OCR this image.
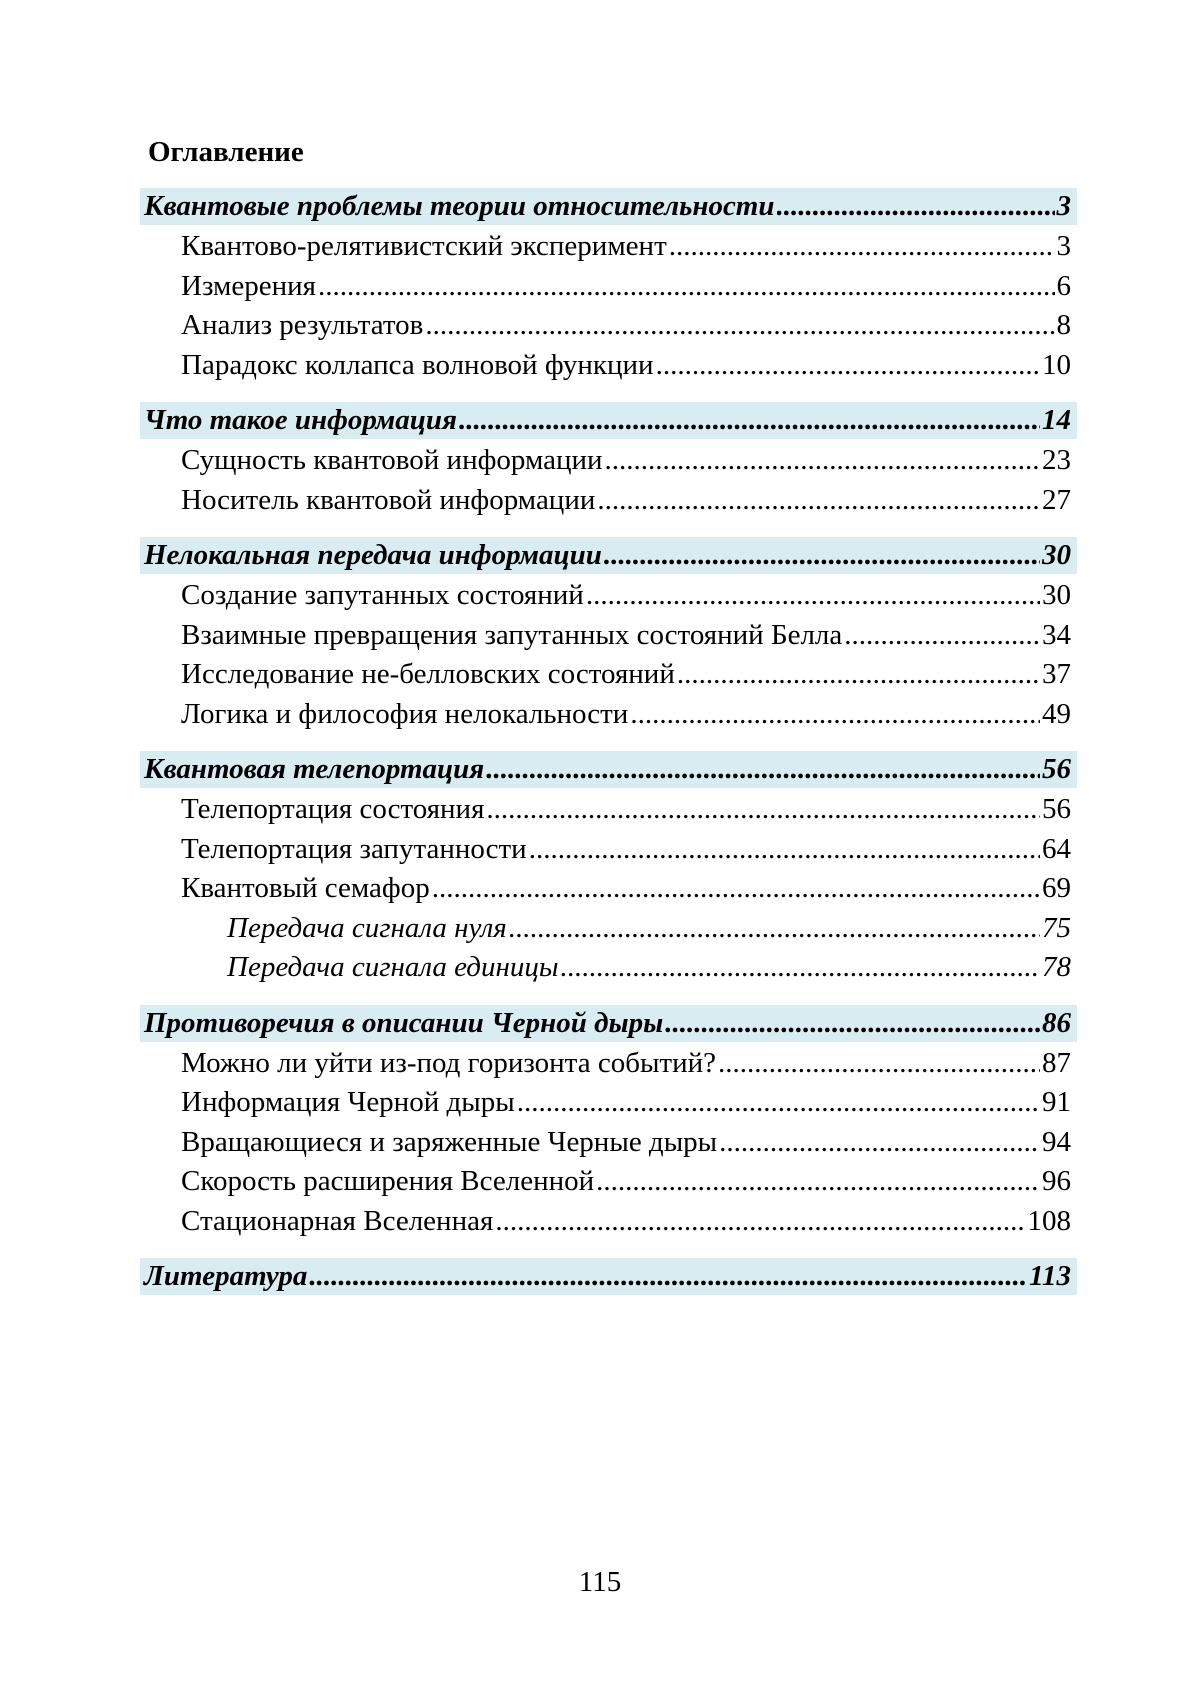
Оглавление
Квантовые проблемы теории относительности .....	3
Квантово-релятивистский эксперимент .....	3
Измерения .....	6
Анализ результатов .....	8
Парадокс коллапса волновой функции .....	10
Что такое информация .....	14
Сущность квантовой информации .....	23
Носитель квантовой информации .....	27
Нелокальная передача информации .....	30
Создание запутанных состояний .....	30
Взаимные превращения запутанных состояний Белла .....	34
Исследование не-белловских состояний .....	37
Логика и философия нелокальности .....	49
Квантовая телепортация .....	56
Телепортация состояния .....	56
Телепортация запутанности .....	64
Квантовый семафор .....	69
Передача сигнала нуля .....	75
Передача сигнала единицы .....	78
Противоречия в описании Черной дыры .....	86
Можно ли уйти из-под горизонта событий? .....	87
Информация Черной дыры .....	91
Вращающиеся и заряженные Черные дыры .....	94
Скорость расширения Вселенной .....	96
Стационарная Вселенная .....	108
Литература .....	113
115
